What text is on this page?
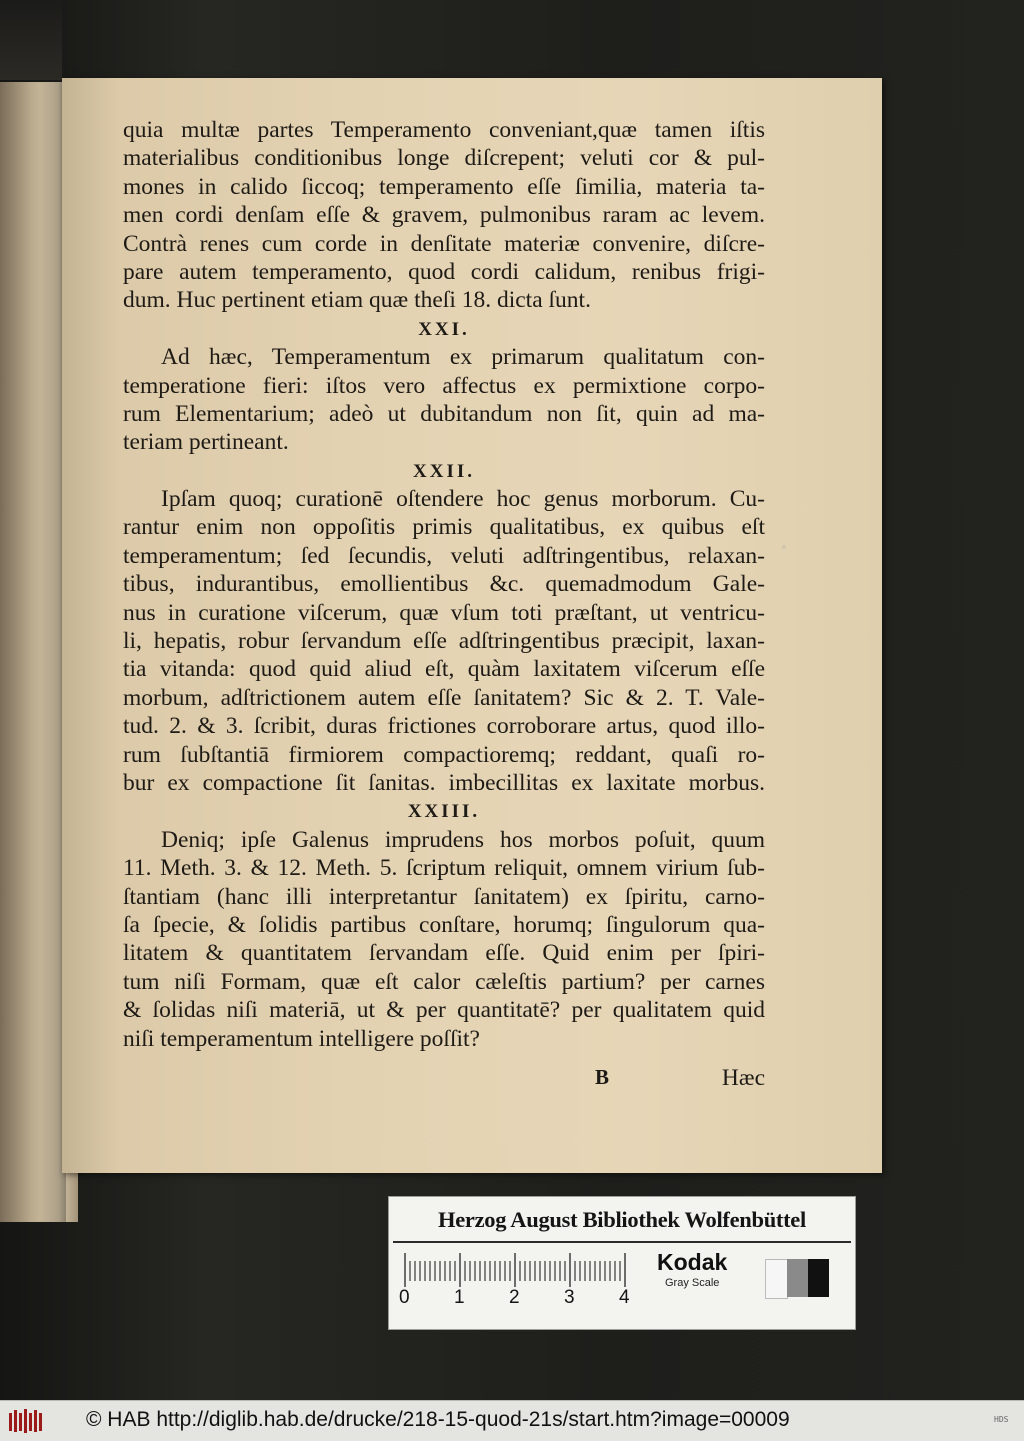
quia multæ partes Temperamento conveniant,quæ tamen iſtis
materialibus conditionibus longe diſcrepent; veluti cor & pul-
mones in calido ſiccoq; temperamento eſſe ſimilia, materia ta-
men cordi denſam eſſe & gravem, pulmonibus raram ac levem.
Contrà renes cum corde in denſitate materiæ convenire, diſcre-
pare autem temperamento, quod cordi calidum, renibus frigi-
dum. Huc pertinent etiam quæ theſi 18. dicta ſunt.
XXI.
Ad hæc, Temperamentum ex primarum qualitatum con-
temperatione fieri: iſtos vero affectus ex permixtione corpo-
rum Elementarium; adeò ut dubitandum non ſit, quin ad ma-
teriam pertineant.
XXII.
Ipſam quoq; curationē oſtendere hoc genus morborum. Cu-
rantur enim non oppoſitis primis qualitatibus, ex quibus eſt
temperamentum; ſed ſecundis, veluti adſtringentibus, relaxan-
tibus, indurantibus, emollientibus &c. quemadmodum Gale-
nus in curatione viſcerum, quæ vſum toti præſtant, ut ventricu-
li, hepatis, robur ſervandum eſſe adſtringentibus præcipit, laxan-
tia vitanda: quod quid aliud eſt, quàm laxitatem viſcerum eſſe
morbum, adſtrictionem autem eſſe ſanitatem? Sic & 2. T. Vale-
tud. 2. & 3. ſcribit, duras frictiones corroborare artus, quod illo-
rum ſubſtantiā firmiorem compactioremq; reddant, quaſi ro-
bur ex compactione ſit ſanitas. imbecillitas ex laxitate morbus.
XXIII.
Deniq; ipſe Galenus imprudens hos morbos poſuit, quum
11. Meth. 3. & 12. Meth. 5. ſcriptum reliquit, omnem virium ſub-
ſtantiam (hanc illi interpretantur ſanitatem) ex ſpiritu, carno-
ſa ſpecie, & ſolidis partibus conſtare, horumq; ſingulorum qua-
litatem & quantitatem ſervandam eſſe. Quid enim per ſpiri-
tum niſi Formam, quæ eſt calor cæleſtis partium? per carnes
& ſolidas niſi materiā, ut & per quantitatē? per qualitatem quid
niſi temperamentum intelligere poſſit?
B	Hæc
Herzog August Bibliothek Wolfenbüttel
0 1 2 3 4
Kodak
Gray Scale
© HAB http://diglib.hab.de/drucke/218-15-quod-21s/start.htm?image=00009	HDS
